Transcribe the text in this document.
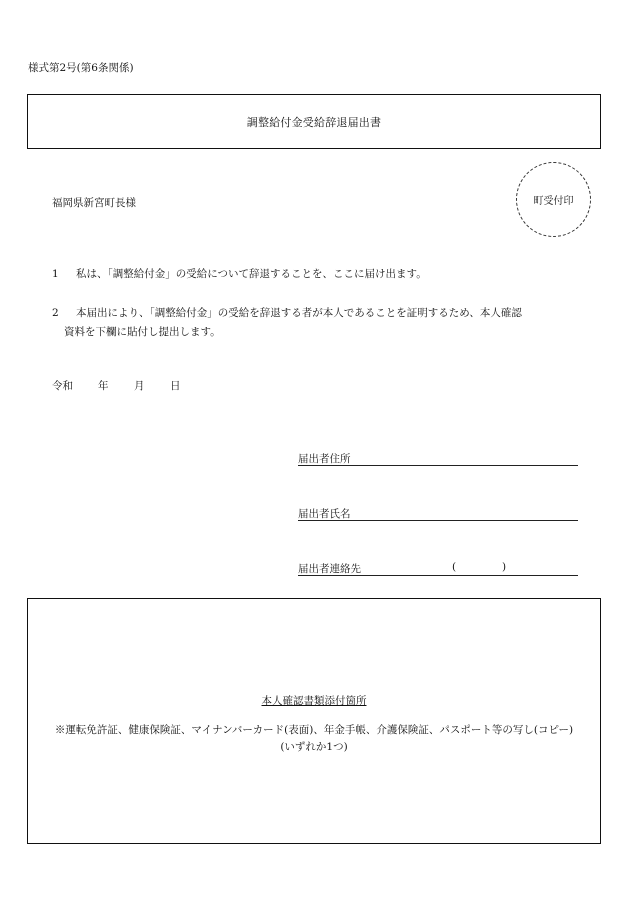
様式第2号(第6条関係)
調整給付金受給辞退届出書
福岡県新宮町長様	町受付印
1 私は、「調整給付金」の受給について辞退することを、ここに届け出ます。
2 本届出により、「調整給付金」の受給を辞退する者が本人であることを証明するため、本人確認
資料を下欄に貼付し提出します。
令和 年 月 日
届出者住所
届出者氏名
届出者連絡先	(	)
本人確認書類添付箇所
※運転免許証、健康保険証、マイナンバーカード(表面)、年金手帳、介護保険証、パスポート等の写し(コピー)
(いずれか1つ)
